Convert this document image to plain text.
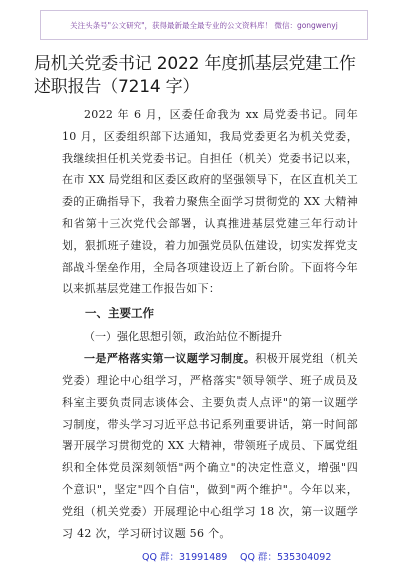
关注头条号"公文研究"，获得最新最全最专业的公文资料库！ 微信：gongwenyj
局机关党委书记 2022 年度抓基层党建工作
述职报告（7214 字）

2022 年 6 月，区委任命我为 xx 局党委书记。同年 10 月，区委组织部下达通知，我局党委更名为机关党委，我继续担任机关党委书记。自担任（机关）党委书记以来，在市 XX 局党组和区委区政府的坚强领导下，在区直机关工委的正确指导下，我着力聚焦全面学习贯彻党的 XX 大精神和省第十三次党代会部署，认真推进基层党建三年行动计划，狠抓班子建设，着力加强党员队伍建设，切实发挥党支部战斗堡垒作用，全局各项建设迈上了新台阶。下面将今年以来抓基层党建工作报告如下：

一、主要工作

（一）强化思想引领，政治站位不断提升

一是严格落实第一议题学习制度。积极开展党组（机关党委）理论中心组学习，严格落实"领导领学、班子成员及科室主要负责同志谈体会、主要负责人点评"的第一议题学习制度，带头学习习近平总书记系列重要讲话，第一时间部署开展学习贯彻党的 XX 大精神，带领班子成员、下属党组织和全体党员深刻领悟"两个确立"的决定性意义，增强"四个意识"，坚定"四个自信"，做到"两个维护"。今年以来，党组（机关党委）开展理论中心组学习 18 次，第一议题学习 42 次，学习研讨议题 56 个。

QQ 群：31991489 QQ 群：535304092
